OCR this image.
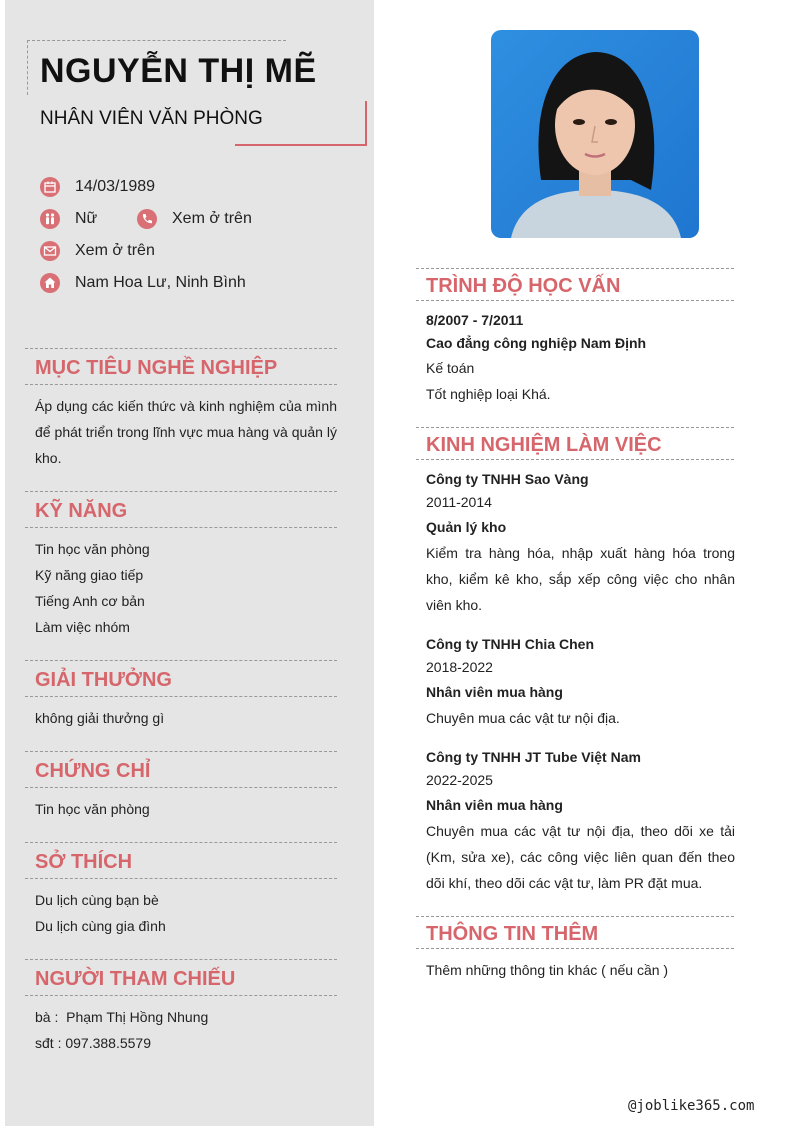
NGUYỄN THỊ MẼ
NHÂN VIÊN VĂN PHÒNG
14/03/1989
Nữ	Xem ở trên
Xem ở trên
Nam Hoa Lư, Ninh Bình
MỤC TIÊU NGHỀ NGHIỆP
Áp dụng các kiến thức và kinh nghiệm của mình để phát triển trong lĩnh vực mua hàng và quản lý kho.
KỸ NĂNG
Tin học văn phòng
Kỹ năng giao tiếp
Tiếng Anh cơ bản
Làm việc nhóm
GIẢI THƯỞNG
không giải thưởng gì
CHỨNG CHỈ
Tin học văn phòng
SỞ THÍCH
Du lịch cùng bạn bè
Du lịch cùng gia đình
NGƯỜI THAM CHIẾU
bà :  Phạm Thị Hồng Nhung
sđt : 097.388.5579
TRÌNH ĐỘ HỌC VẤN
8/2007 - 7/2011
Cao đẳng công nghiệp Nam Định
Kế toán
Tốt nghiệp loại Khá.
KINH NGHIỆM LÀM VIỆC
Công ty TNHH Sao Vàng
2011-2014
Quản lý kho
Kiểm tra hàng hóa, nhập xuất hàng hóa trong kho, kiểm kê kho, sắp xếp công việc cho nhân viên kho.
Công ty TNHH Chia Chen
2018-2022
Nhân viên mua hàng
Chuyên mua các vật tư nội địa.
Công ty TNHH JT Tube Việt Nam
2022-2025
Nhân viên mua hàng
Chuyên mua các vật tư nội địa, theo dõi xe tải (Km, sửa xe), các công việc liên quan đến theo dõi khí, theo dõi các vật tư, làm PR đặt mua.
THÔNG TIN THÊM
Thêm những thông tin khác ( nếu cần )
@joblike365.com
